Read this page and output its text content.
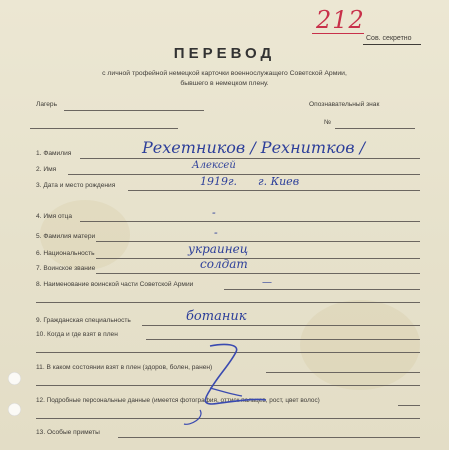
212
Сов. секретно
ПЕРЕВОД
с личной трофейной немецкой карточки военнослужащего Советской Армии,
бывшего в немецком плену.
Лагерь	Опознавательный знак
№
1. Фамилия	Рехетников / Рехнитков /
2. Имя	Алексей
3. Дата и место рождения	1919г.      г. Киев
4. Имя отца	-
5. Фамилия матери	-
6. Национальность	украинец
7. Воинское звание	солдат
8. Наименование воинской части Советской Армии	—
9. Гражданская специальность	ботаник
10. Когда и где взят в плен
11. В каком состоянии взят в плен (здоров, болен, ранен)
12. Подробные персональные данные (имеется фотография, оттиск пальцев, рост, цвет волос)
13. Особые приметы
